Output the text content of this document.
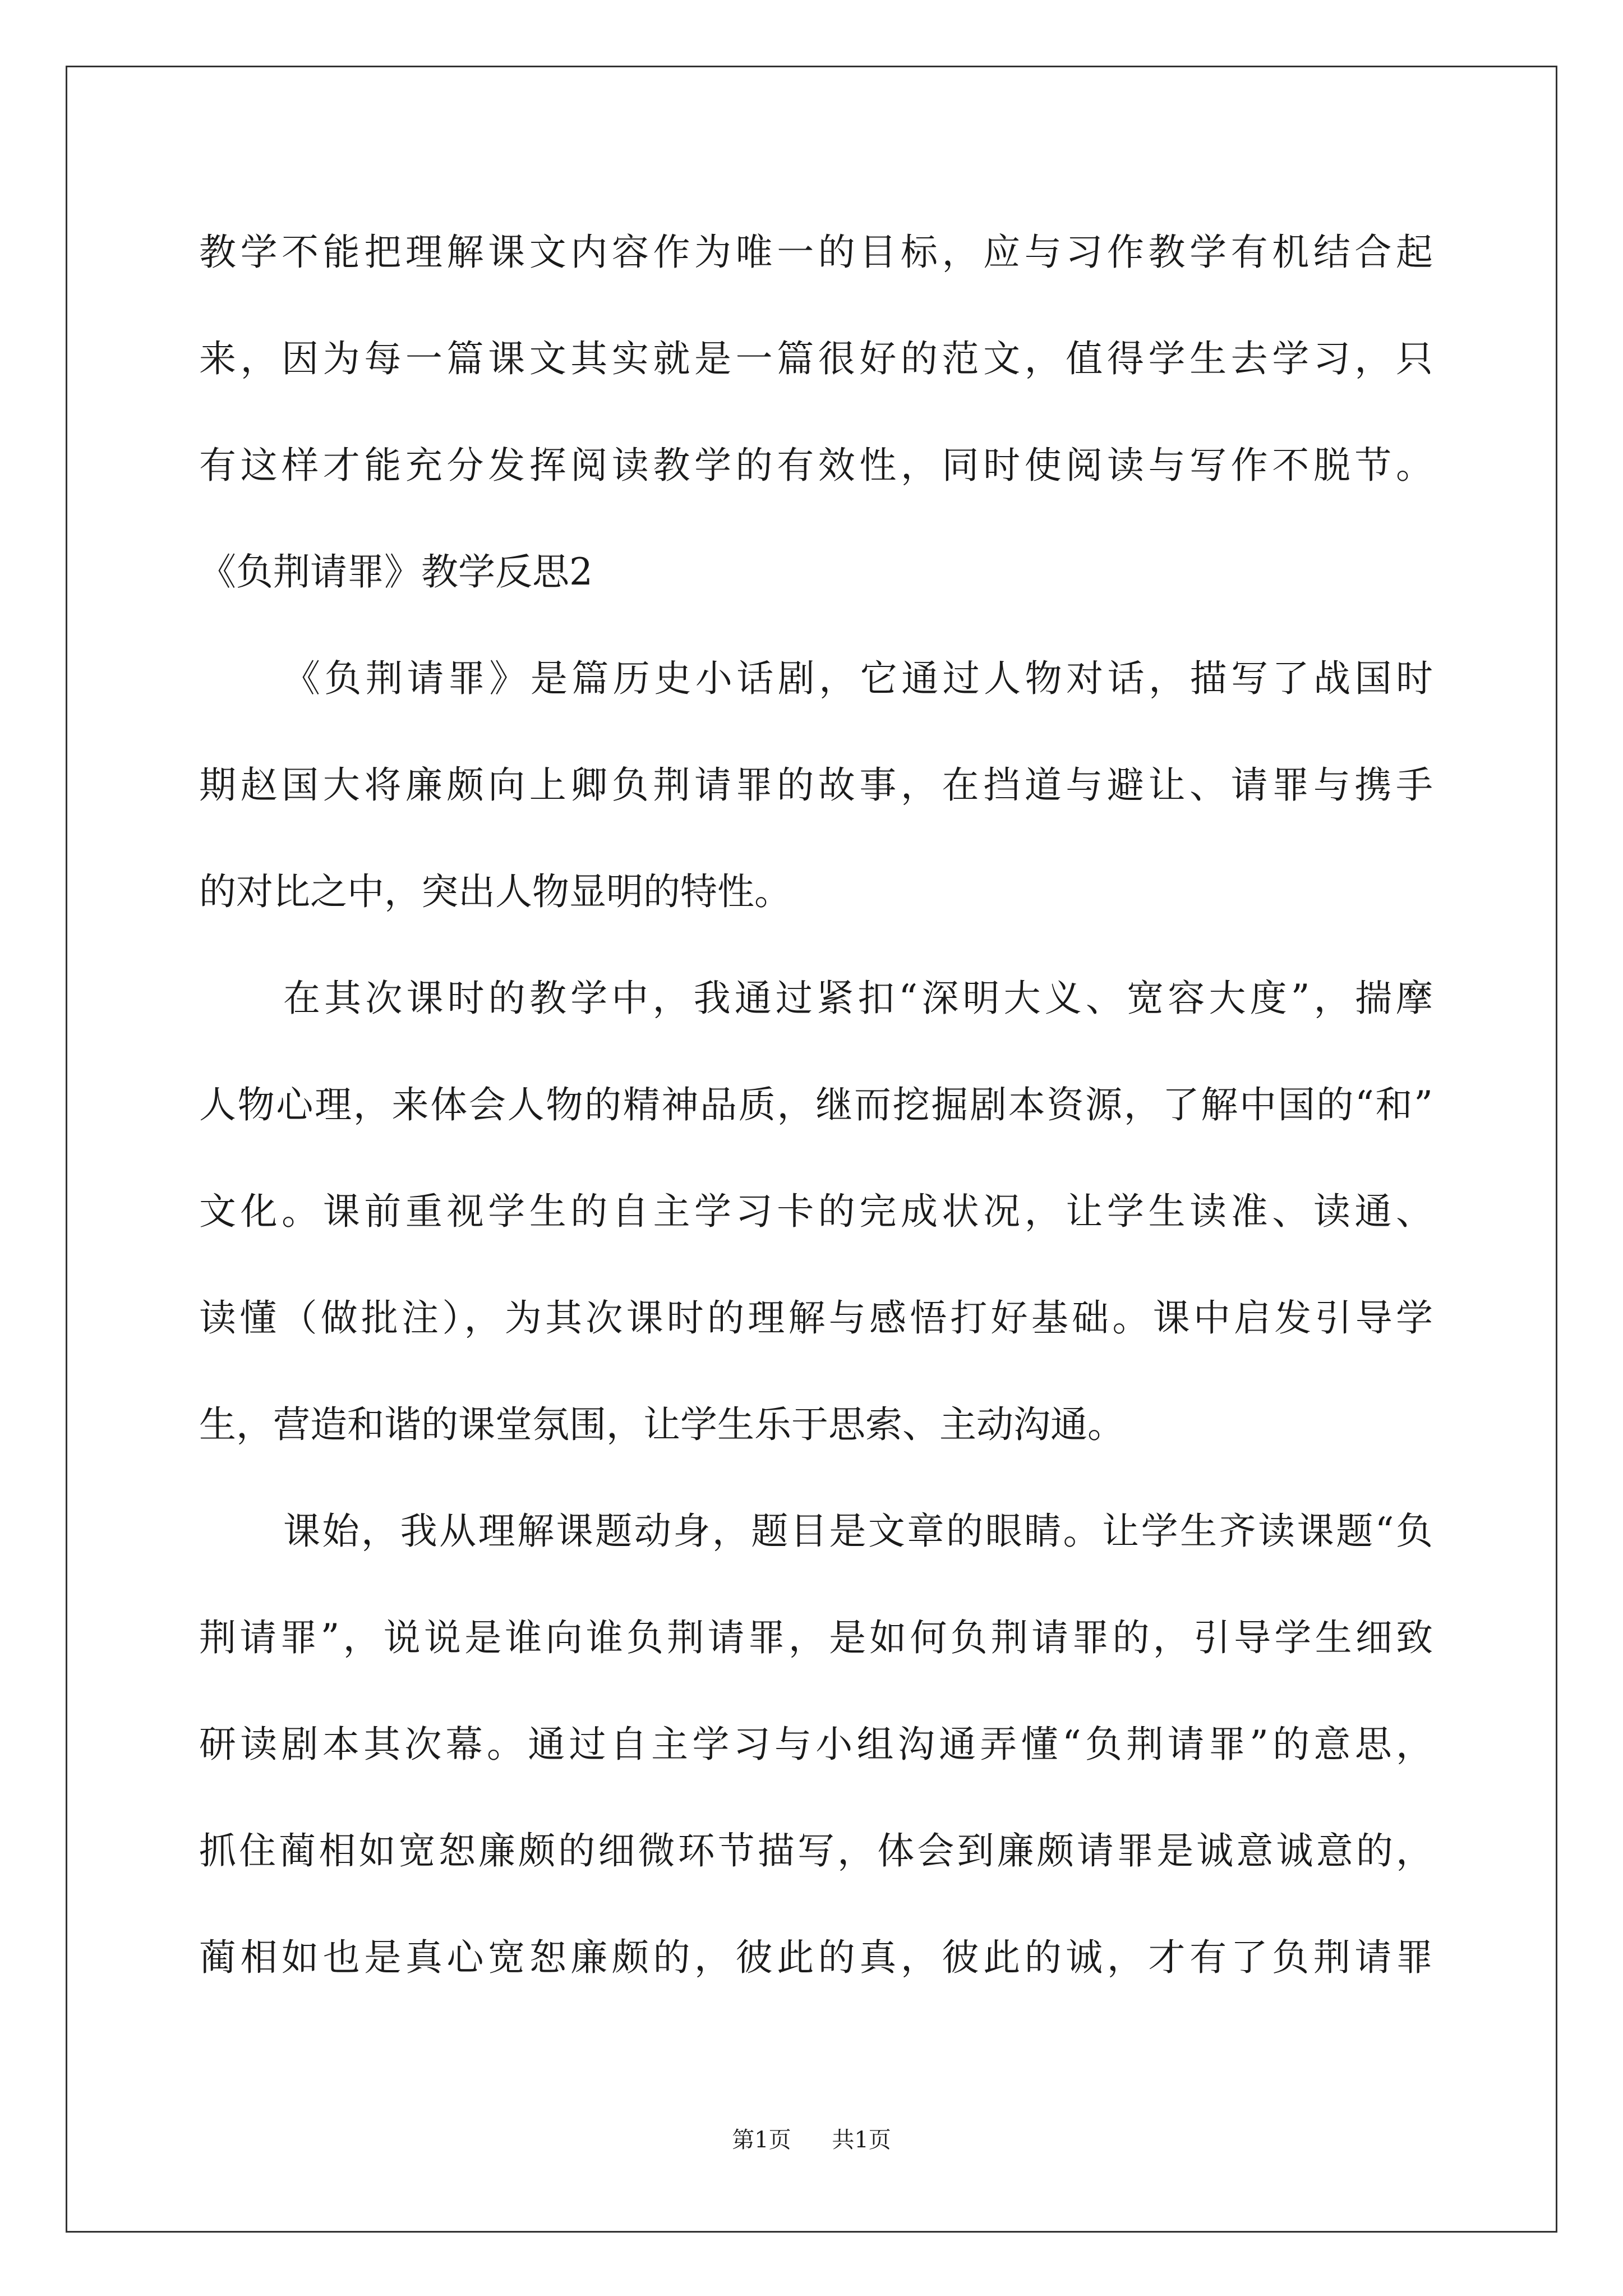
教学不能把理解课文内容作为唯一的目标，应与习作教学有机结合起
来，因为每一篇课文其实就是一篇很好的范文，值得学生去学习，只
有这样才能充分发挥阅读教学的有效性，同时使阅读与写作不脱节。
《负荆请罪》教学反思2
《负荆请罪》是篇历史小话剧，它通过人物对话，描写了战国时
期赵国大将廉颇向上卿负荆请罪的故事，在挡道与避让、请罪与携手
的对比之中，突出人物显明的特性。
在其次课时的教学中，我通过紧扣“深明大义、宽容大度”，揣摩
人物心理，来体会人物的精神品质，继而挖掘剧本资源，了解中国的“和”
文化。课前重视学生的自主学习卡的完成状况，让学生读准、读通、
读懂（做批注），为其次课时的理解与感悟打好基础。课中启发引导学
生，营造和谐的课堂氛围，让学生乐于思索、主动沟通。
课始，我从理解课题动身，题目是文章的眼睛。让学生齐读课题“负
荆请罪”，说说是谁向谁负荆请罪，是如何负荆请罪的，引导学生细致
研读剧本其次幕。通过自主学习与小组沟通弄懂“负荆请罪”的意思，
抓住蔺相如宽恕廉颇的细微环节描写，体会到廉颇请罪是诚意诚意的，
蔺相如也是真心宽恕廉颇的，彼此的真，彼此的诚，才有了负荆请罪
第1页 共1页
